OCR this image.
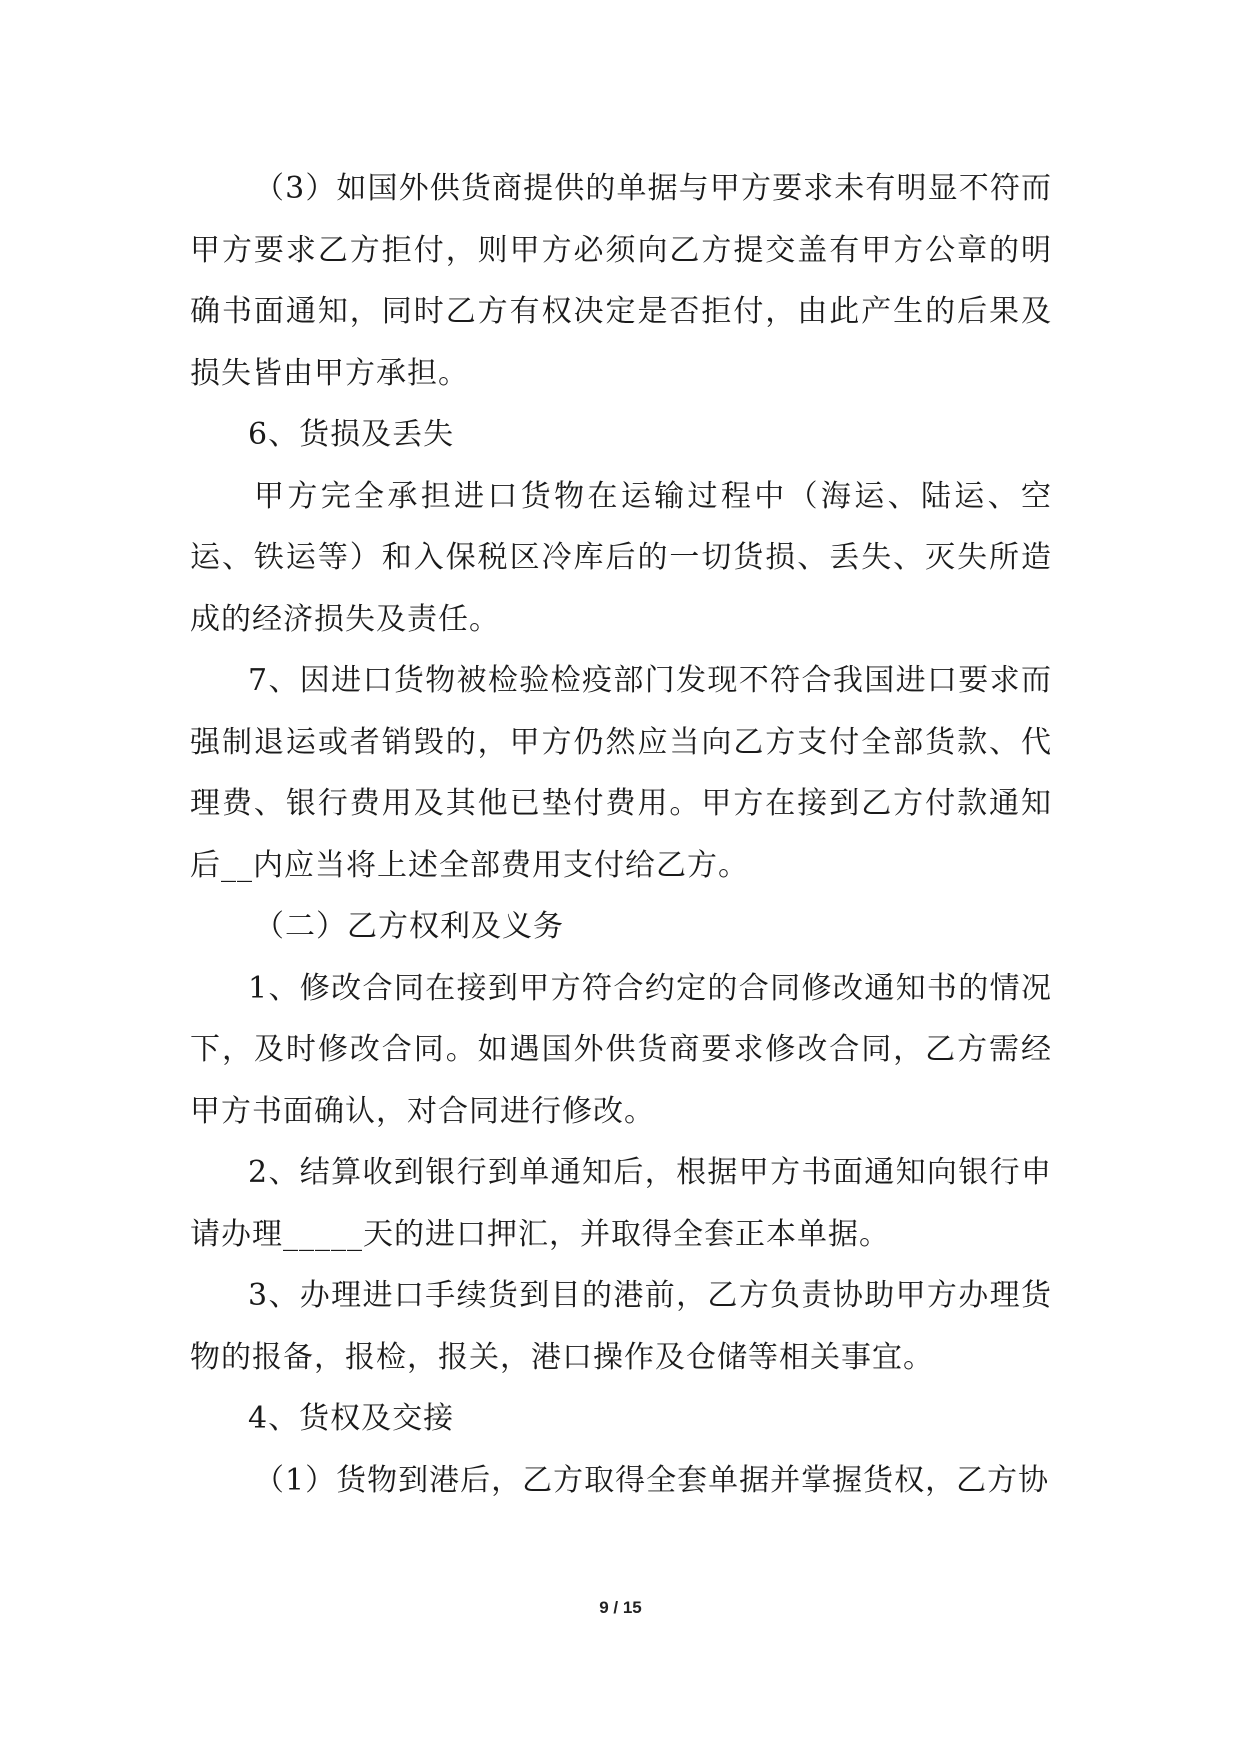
（3）如国外供货商提供的单据与甲方要求未有明显不符而甲方要求乙方拒付，则甲方必须向乙方提交盖有甲方公章的明确书面通知，同时乙方有权决定是否拒付，由此产生的后果及损失皆由甲方承担。

6、货损及丢失

甲方完全承担进口货物在运输过程中（海运、陆运、空运、铁运等）和入保税区冷库后的一切货损、丢失、灭失所造成的经济损失及责任。

7、因进口货物被检验检疫部门发现不符合我国进口要求而强制退运或者销毁的，甲方仍然应当向乙方支付全部货款、代理费、银行费用及其他已垫付费用。甲方在接到乙方付款通知后__内应当将上述全部费用支付给乙方。

（二）乙方权利及义务

1、修改合同在接到甲方符合约定的合同修改通知书的情况下，及时修改合同。如遇国外供货商要求修改合同，乙方需经甲方书面确认，对合同进行修改。

2、结算收到银行到单通知后，根据甲方书面通知向银行申请办理_____天的进口押汇，并取得全套正本单据。

3、办理进口手续货到目的港前，乙方负责协助甲方办理货物的报备，报检，报关，港口操作及仓储等相关事宜。

4、货权及交接

（1）货物到港后，乙方取得全套单据并掌握货权，乙方协

9 / 15
